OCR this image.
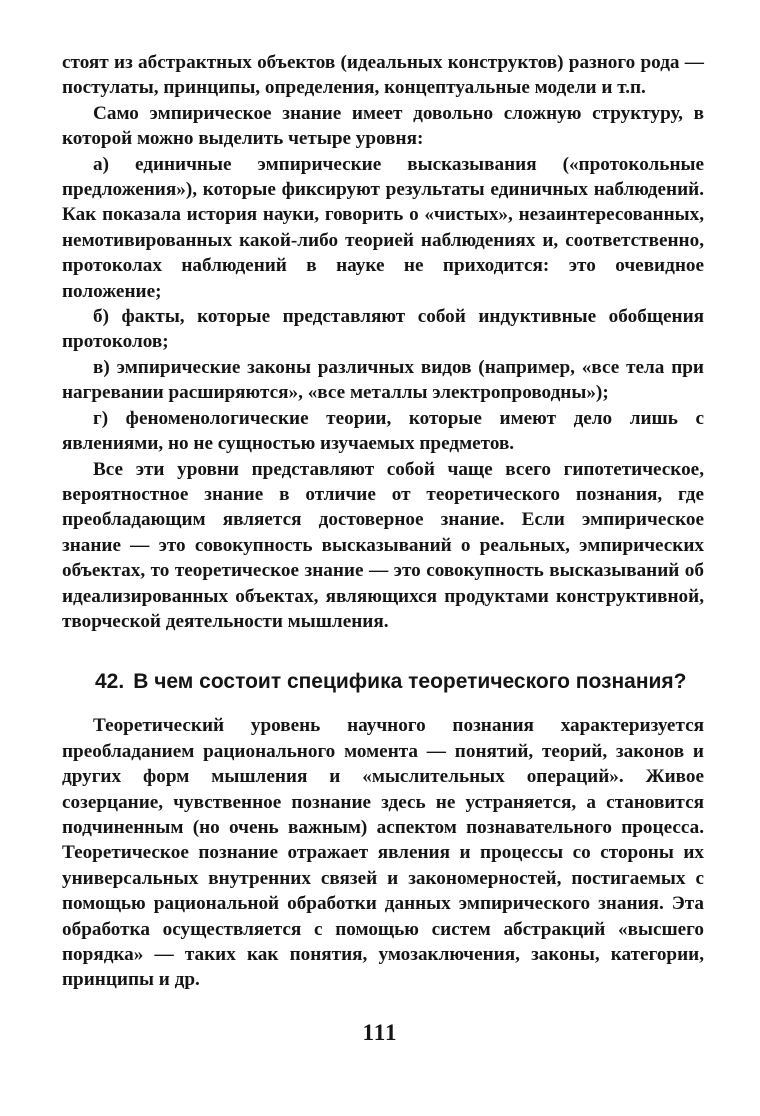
стоят из абстрактных объектов (идеальных конструктов) разного рода — постулаты, принципы, определения, концептуальные модели и т.п.

Само эмпирическое знание имеет довольно сложную структуру, в которой можно выделить четыре уровня:

а) единичные эмпирические высказывания («протокольные предложения»), которые фиксируют результаты единичных наблюдений. Как показала история науки, говорить о «чистых», незаинтересованных, немотивированных какой-либо теорией наблюдениях и, соответственно, протоколах наблюдений в науке не приходится: это очевидное положение;

б) факты, которые представляют собой индуктивные обобщения протоколов;

в) эмпирические законы различных видов (например, «все тела при нагревании расширяются», «все металлы электропроводны»);

г) феноменологические теории, которые имеют дело лишь с явлениями, но не сущностью изучаемых предметов.

Все эти уровни представляют собой чаще всего гипотетическое, вероятностное знание в отличие от теоретического познания, где преобладающим является достоверное знание. Если эмпирическое знание — это совокупность высказываний о реальных, эмпирических объектах, то теоретическое знание — это совокупность высказываний об идеализированных объектах, являющихся продуктами конструктивной, творческой деятельности мышления.

42. В чем состоит специфика теоретического познания?

Теоретический уровень научного познания характеризуется преобладанием рационального момента — понятий, теорий, законов и других форм мышления и «мыслительных операций». Живое созерцание, чувственное познание здесь не устраняется, а становится подчиненным (но очень важным) аспектом познавательного процесса. Теоретическое познание отражает явления и процессы со стороны их универсальных внутренних связей и закономерностей, постигаемых с помощью рациональной обработки данных эмпирического знания. Эта обработка осуществляется с помощью систем абстракций «высшего порядка» — таких как понятия, умозаключения, законы, категории, принципы и др.

111
